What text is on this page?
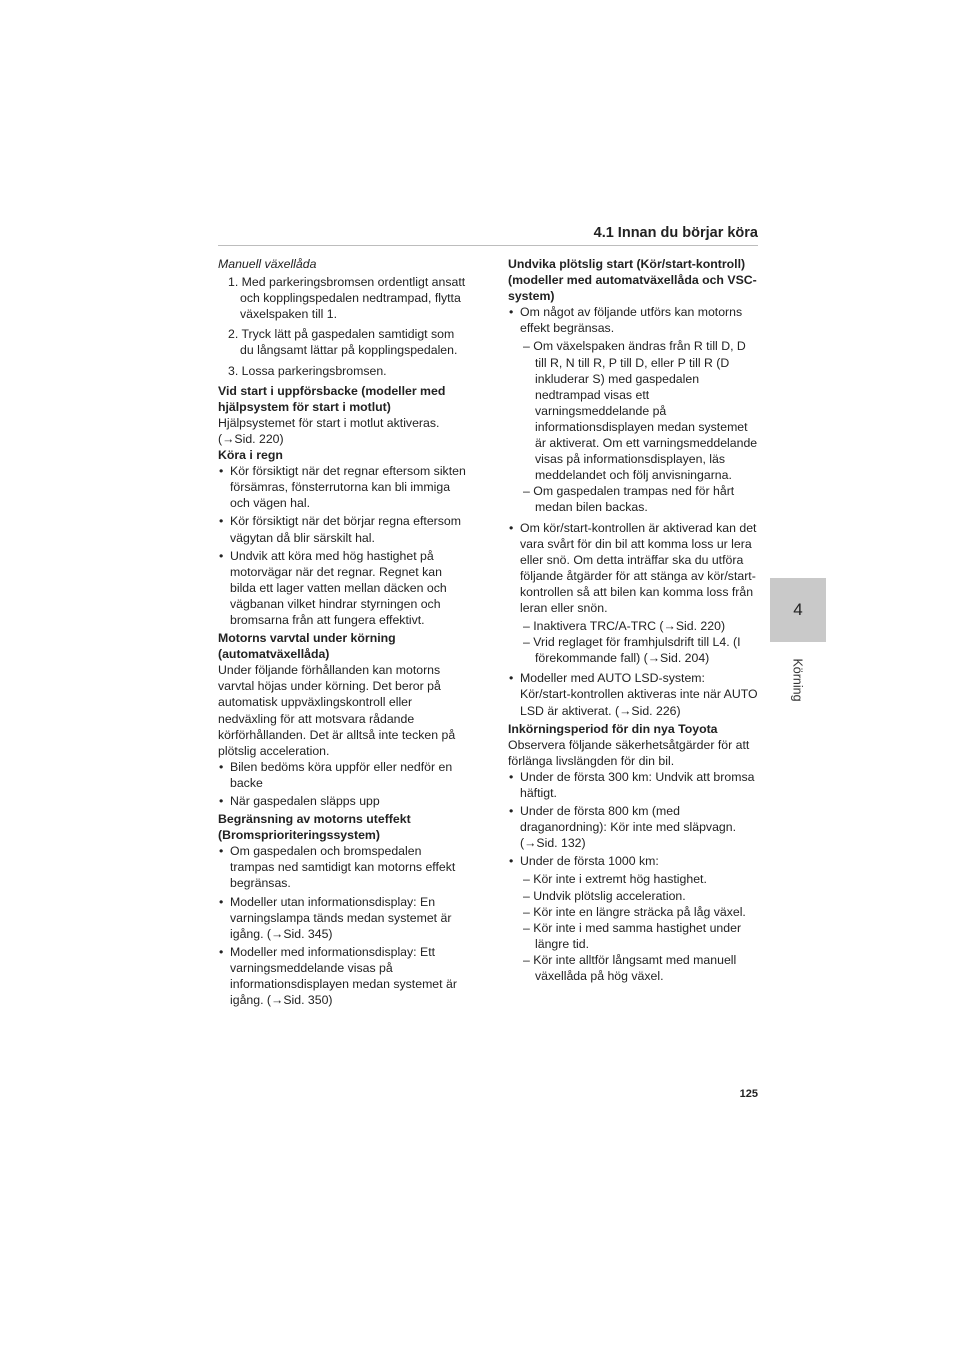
4.1 Innan du börjar köra
4
Körning

Manuell växellåda

1. Med parkeringsbromsen ordentligt ansatt och kopplingspedalen nedtrampad, flytta växelspaken till 1.

2. Tryck lätt på gaspedalen samtidigt som du långsamt lättar på kopplingspedalen.

3. Lossa parkeringsbromsen.

Vid start i uppförsbacke (modeller med hjälpsystem för start i motlut)

Hjälpsystemet för start i motlut aktiveras. (→Sid. 220)

Köra i regn

• Kör försiktigt när det regnar eftersom sikten försämras, fönsterrutorna kan bli immiga och vägen hal.

• Kör försiktigt när det börjar regna eftersom vägytan då blir särskilt hal.

• Undvik att köra med hög hastighet på motorvägar när det regnar. Regnet kan bilda ett lager vatten mellan däcken och vägbanan vilket hindrar styrningen och bromsarna från att fungera effektivt.

Motorns varvtal under körning (automatväxellåda)

Under följande förhållanden kan motorns varvtal höjas under körning. Det beror på automatisk uppväxlingskontroll eller nedväxling för att motsvara rådande körförhållanden. Det är alltså inte tecken på plötslig acceleration.

• Bilen bedöms köra uppför eller nedför en backe

• När gaspedalen släpps upp

Begränsning av motorns uteffekt (Bromsprioriteringssystem)

• Om gaspedalen och bromspedalen trampas ned samtidigt kan motorns effekt begränsas.

• Modeller utan informationsdisplay: En varningslampa tänds medan systemet är igång. (→Sid. 345)

• Modeller med informationsdisplay: Ett varningsmeddelande visas på informationsdisplayen medan systemet är igång. (→Sid. 350)

Undvika plötslig start (Kör/start-kontroll) (modeller med automatväxellåda och VSC-system)

• Om något av följande utförs kan motorns effekt begränsas.

– Om växelspaken ändras från R till D, D till R, N till R, P till D, eller P till R (D inkluderar S) med gaspedalen nedtrampad visas ett varningsmeddelande på informationsdisplayen medan systemet är aktiverat. Om ett varningsmeddelande visas på informationsdisplayen, läs meddelandet och följ anvisningarna.

– Om gaspedalen trampas ned för hårt medan bilen backas.

• Om kör/start-kontrollen är aktiverad kan det vara svårt för din bil att komma loss ur lera eller snö. Om detta inträffar ska du utföra följande åtgärder för att stänga av kör/start-kontrollen så att bilen kan komma loss från leran eller snön.

– Inaktivera TRC/A-TRC (→Sid. 220)

– Vrid reglaget för framhjulsdrift till L4. (I förekommande fall) (→Sid. 204)

• Modeller med AUTO LSD-system: Kör/start-kontrollen aktiveras inte när AUTO LSD är aktiverat. (→Sid. 226)

Inkörningsperiod för din nya Toyota

Observera följande säkerhetsåtgärder för att förlänga livslängden för din bil.

• Under de första 300 km: Undvik att bromsa häftigt.

• Under de första 800 km (med draganordning): Kör inte med släpvagn. (→Sid. 132)

• Under de första 1000 km:

– Kör inte i extremt hög hastighet.

– Undvik plötslig acceleration.

– Kör inte en längre sträcka på låg växel.

– Kör inte i med samma hastighet under längre tid.

– Kör inte alltför långsamt med manuell växellåda på hög växel.

125
